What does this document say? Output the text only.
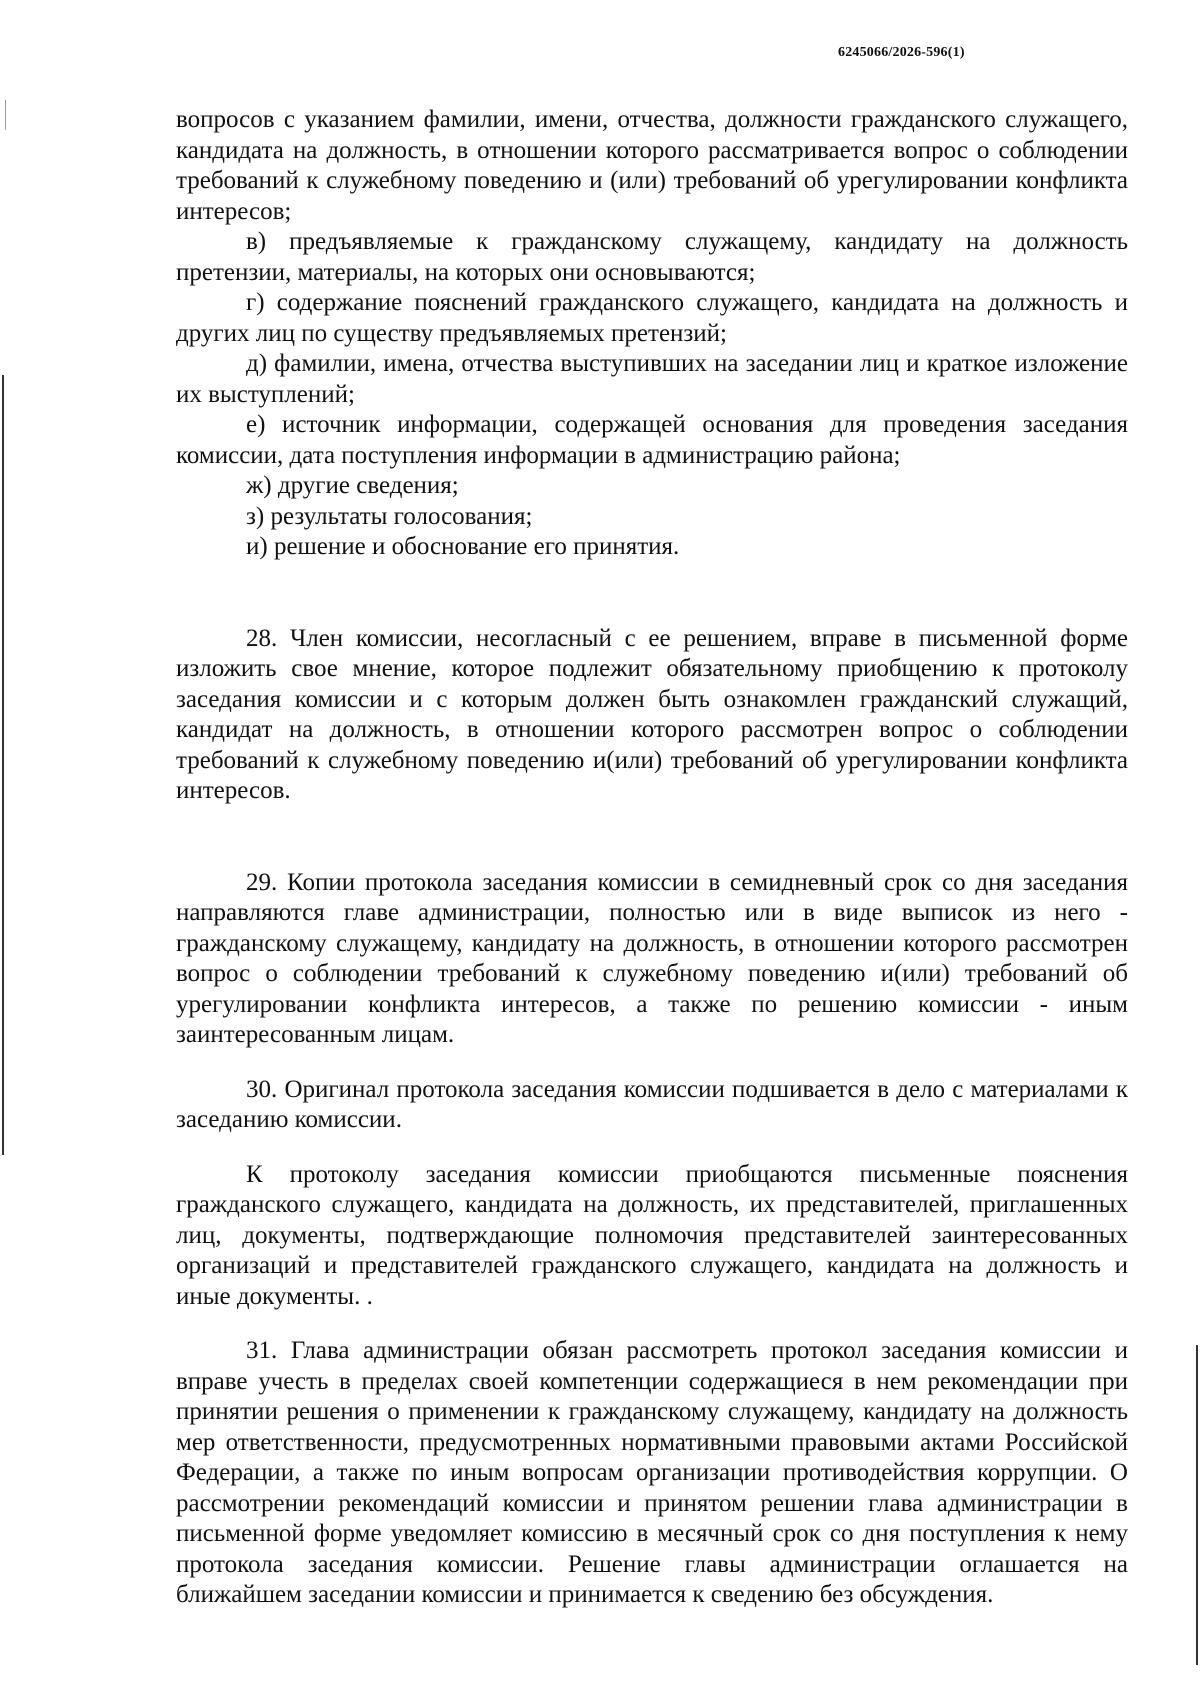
6245066/2026-596(1)

вопросов с указанием фамилии, имени, отчества, должности гражданского служащего, кандидата на должность, в отношении которого рассматривается вопрос о соблюдении требований к служебному поведению и (или) требований об урегулировании конфликта интересов;

в) предъявляемые к гражданскому служащему, кандидату на должность претензии, материалы, на которых они основываются;

г) содержание пояснений гражданского служащего, кандидата на должность и других лиц по существу предъявляемых претензий;

д) фамилии, имена, отчества выступивших на заседании лиц и краткое изложение их выступлений;

е) источник информации, содержащей основания для проведения заседания комиссии, дата поступления информации в администрацию района;

ж) другие сведения;

з) результаты голосования;

и) решение и обоснование его принятия.

28. Член комиссии, несогласный с ее решением, вправе в письменной форме изложить свое мнение, которое подлежит обязательному приобщению к протоколу заседания комиссии и с которым должен быть ознакомлен гражданский служащий, кандидат на должность, в отношении которого рассмотрен вопрос о соблюдении требований к служебному поведению и(или) требований об урегулировании конфликта интересов.

29. Копии протокола заседания комиссии в семидневный срок со дня заседания направляются главе администрации, полностью или в виде выписок из него - гражданскому служащему, кандидату на должность, в отношении которого рассмотрен вопрос о соблюдении требований к служебному поведению и(или) требований об урегулировании конфликта интересов, а также по решению комиссии - иным заинтересованным лицам.

30. Оригинал протокола заседания комиссии подшивается в дело с материалами к заседанию комиссии.

К протоколу заседания комиссии приобщаются письменные пояснения гражданского служащего, кандидата на должность, их представителей, приглашенных лиц, документы, подтверждающие полномочия представителей заинтересованных организаций и представителей гражданского служащего, кандидата на должность и иные документы. .

31. Глава администрации обязан рассмотреть протокол заседания комиссии и вправе учесть в пределах своей компетенции содержащиеся в нем рекомендации при принятии решения о применении к гражданскому служащему, кандидату на должность мер ответственности, предусмотренных нормативными правовыми актами Российской Федерации, а также по иным вопросам организации противодействия коррупции. О рассмотрении рекомендаций комиссии и принятом решении глава администрации в письменной форме уведомляет комиссию в месячный срок со дня поступления к нему протокола заседания комиссии. Решение главы администрации оглашается на ближайшем заседании комиссии и принимается к сведению без обсуждения.
